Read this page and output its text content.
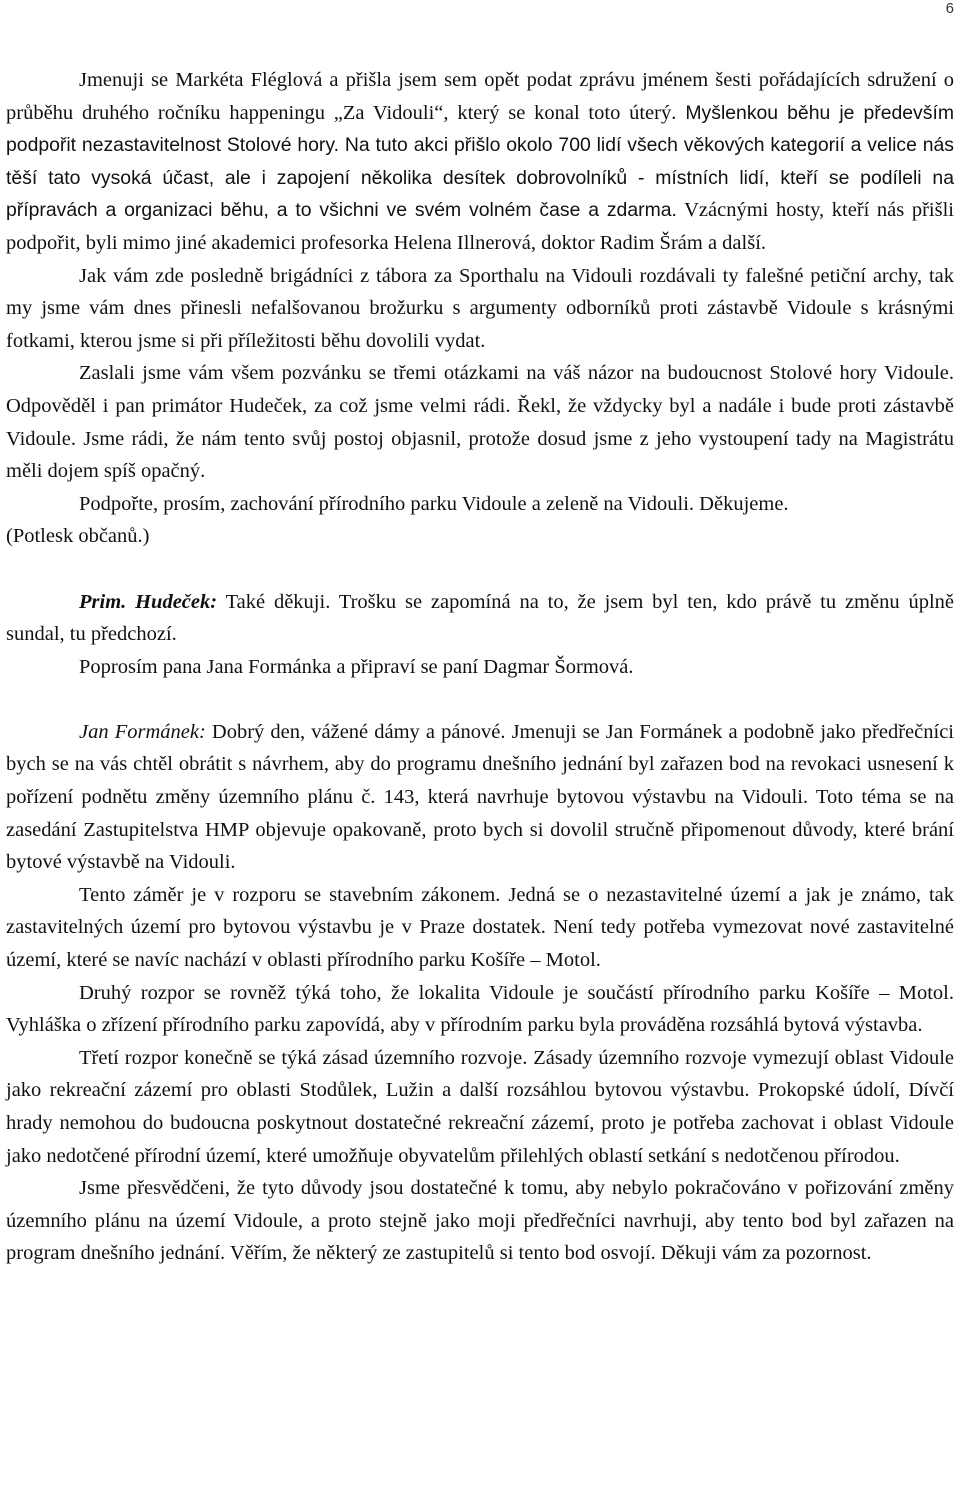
6

Jmenuji se Markéta Fléglová a přišla jsem sem opět podat zprávu jménem šesti pořádajících sdružení o průběhu druhého ročníku happeningu „Za Vidouli“, který se konal toto úterý. Myšlenkou běhu je především podpořit nezastavitelnost Stolové hory. Na tuto akci přišlo okolo 700 lidí všech věkových kategorií a velice nás těší tato vysoká účast, ale i zapojení několika desítek dobrovolníků - místních lidí, kteří se podíleli na přípravách a organizaci běhu, a to všichni ve svém volném čase a zdarma. Vzácnými hosty, kteří nás přišli podpořit, byli mimo jiné akademici profesorka Helena Illnerová, doktor Radim Šrám a další.

Jak vám zde posledně brigádníci z tábora za Sporthalu na Vidouli rozdávali ty falešné petiční archy, tak my jsme vám dnes přinesli nefalšovanou brožurku s argumenty odborníků proti zástavbě Vidoule s krásnými fotkami, kterou jsme si při příležitosti běhu dovolili vydat.

Zaslali jsme vám všem pozvánku se třemi otázkami na váš názor na budoucnost Stolové hory Vidoule. Odpověděl i pan primátor Hudeček, za což jsme velmi rádi. Řekl, že vždycky byl a nadále i bude proti zástavbě Vidoule. Jsme rádi, že nám tento svůj postoj objasnil, protože dosud jsme z jeho vystoupení tady na Magistrátu měli dojem spíš opačný.

Podpořte, prosím, zachování přírodního parku Vidoule a zeleně na Vidouli. Děkujeme.

(Potlesk občanů.)

Prim. Hudeček: Také děkuji. Trošku se zapomíná na to, že jsem byl ten, kdo právě tu změnu úplně sundal, tu předchozí.

Poprosím pana Jana Formánka a připraví se paní Dagmar Šormová.

Jan Formánek: Dobrý den, vážené dámy a pánové. Jmenuji se Jan Formánek a podobně jako předřečníci bych se na vás chtěl obrátit s návrhem, aby do programu dnešního jednání byl zařazen bod na revokaci usnesení k pořízení podnětu změny územního plánu č. 143, která navrhuje bytovou výstavbu na Vidouli. Toto téma se na zasedání Zastupitelstva HMP objevuje opakovaně, proto bych si dovolil stručně připomenout důvody, které brání bytové výstavbě na Vidouli.

Tento záměr je v rozporu se stavebním zákonem. Jedná se o nezastavitelné území a jak je známo, tak zastavitelných území pro bytovou výstavbu je v Praze dostatek. Není tedy potřeba vymezovat nové zastavitelné území, které se navíc nachází v oblasti přírodního parku Košíře – Motol.

Druhý rozpor se rovněž týká toho, že lokalita Vidoule je součástí přírodního parku Košíře – Motol. Vyhláška o zřízení přírodního parku zapovídá, aby v přírodním parku byla prováděna rozsáhlá bytová výstavba.

Třetí rozpor konečně se týká zásad územního rozvoje. Zásady územního rozvoje vymezují oblast Vidoule jako rekreační zázemí pro oblasti Stodůlek, Lužin a další rozsáhlou bytovou výstavbu. Prokopské údolí, Dívčí hrady nemohou do budoucna poskytnout dostatečné rekreační zázemí, proto je potřeba zachovat i oblast Vidoule jako nedotčené přírodní území, které umožňuje obyvatelům přilehlých oblastí setkání s nedotčenou přírodou.

Jsme přesvědčeni, že tyto důvody jsou dostatečné k tomu, aby nebylo pokračováno v pořizování změny územního plánu na území Vidoule, a proto stejně jako moji předřečníci navrhuji, aby tento bod byl zařazen na program dnešního jednání. Věřím, že některý ze zastupitelů si tento bod osvojí. Děkuji vám za pozornost.
